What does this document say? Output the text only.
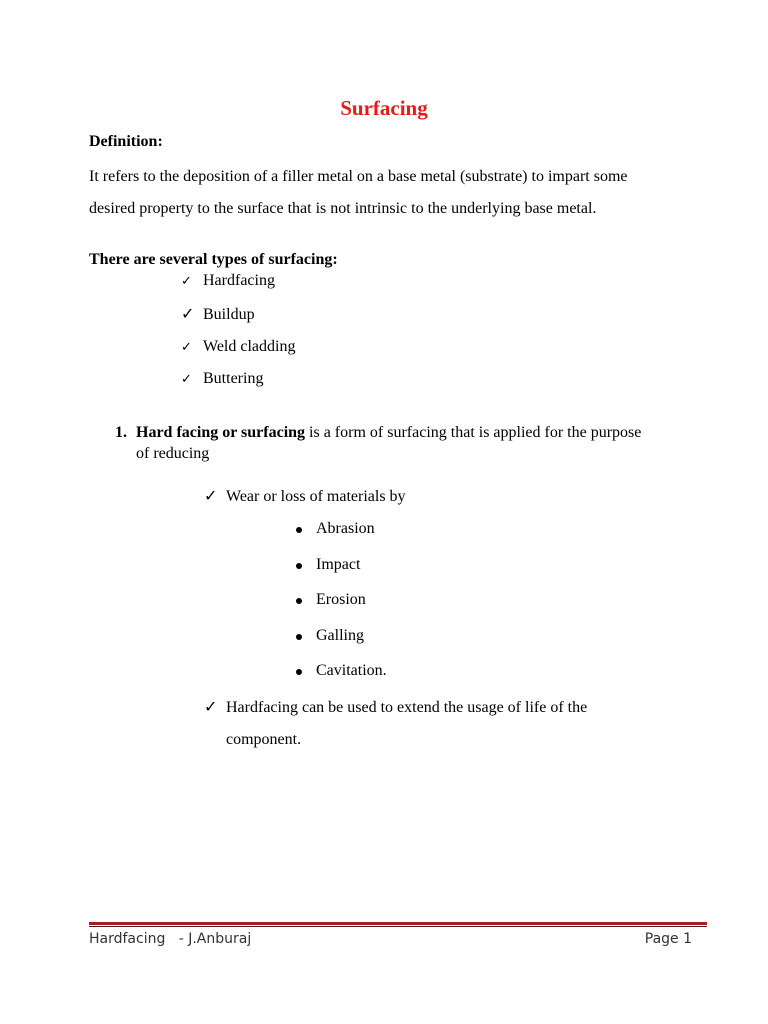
Surfacing
Definition:
It refers to the deposition of a filler metal on a base metal (substrate) to impart some
desired property to the surface that is not intrinsic to the underlying base metal.
There are several types of surfacing:
✓ Hardfacing
✓ Buildup
✓ Weld cladding
✓ Buttering
1. Hard facing or surfacing is a form of surfacing that is applied for the purpose
of reducing
✓ Wear or loss of materials by
Abrasion
Impact
Erosion
Galling
Cavitation.
✓ Hardfacing can be used to extend the usage of life of the
component.
Hardfacing   - J.Anburaj	Page 1
